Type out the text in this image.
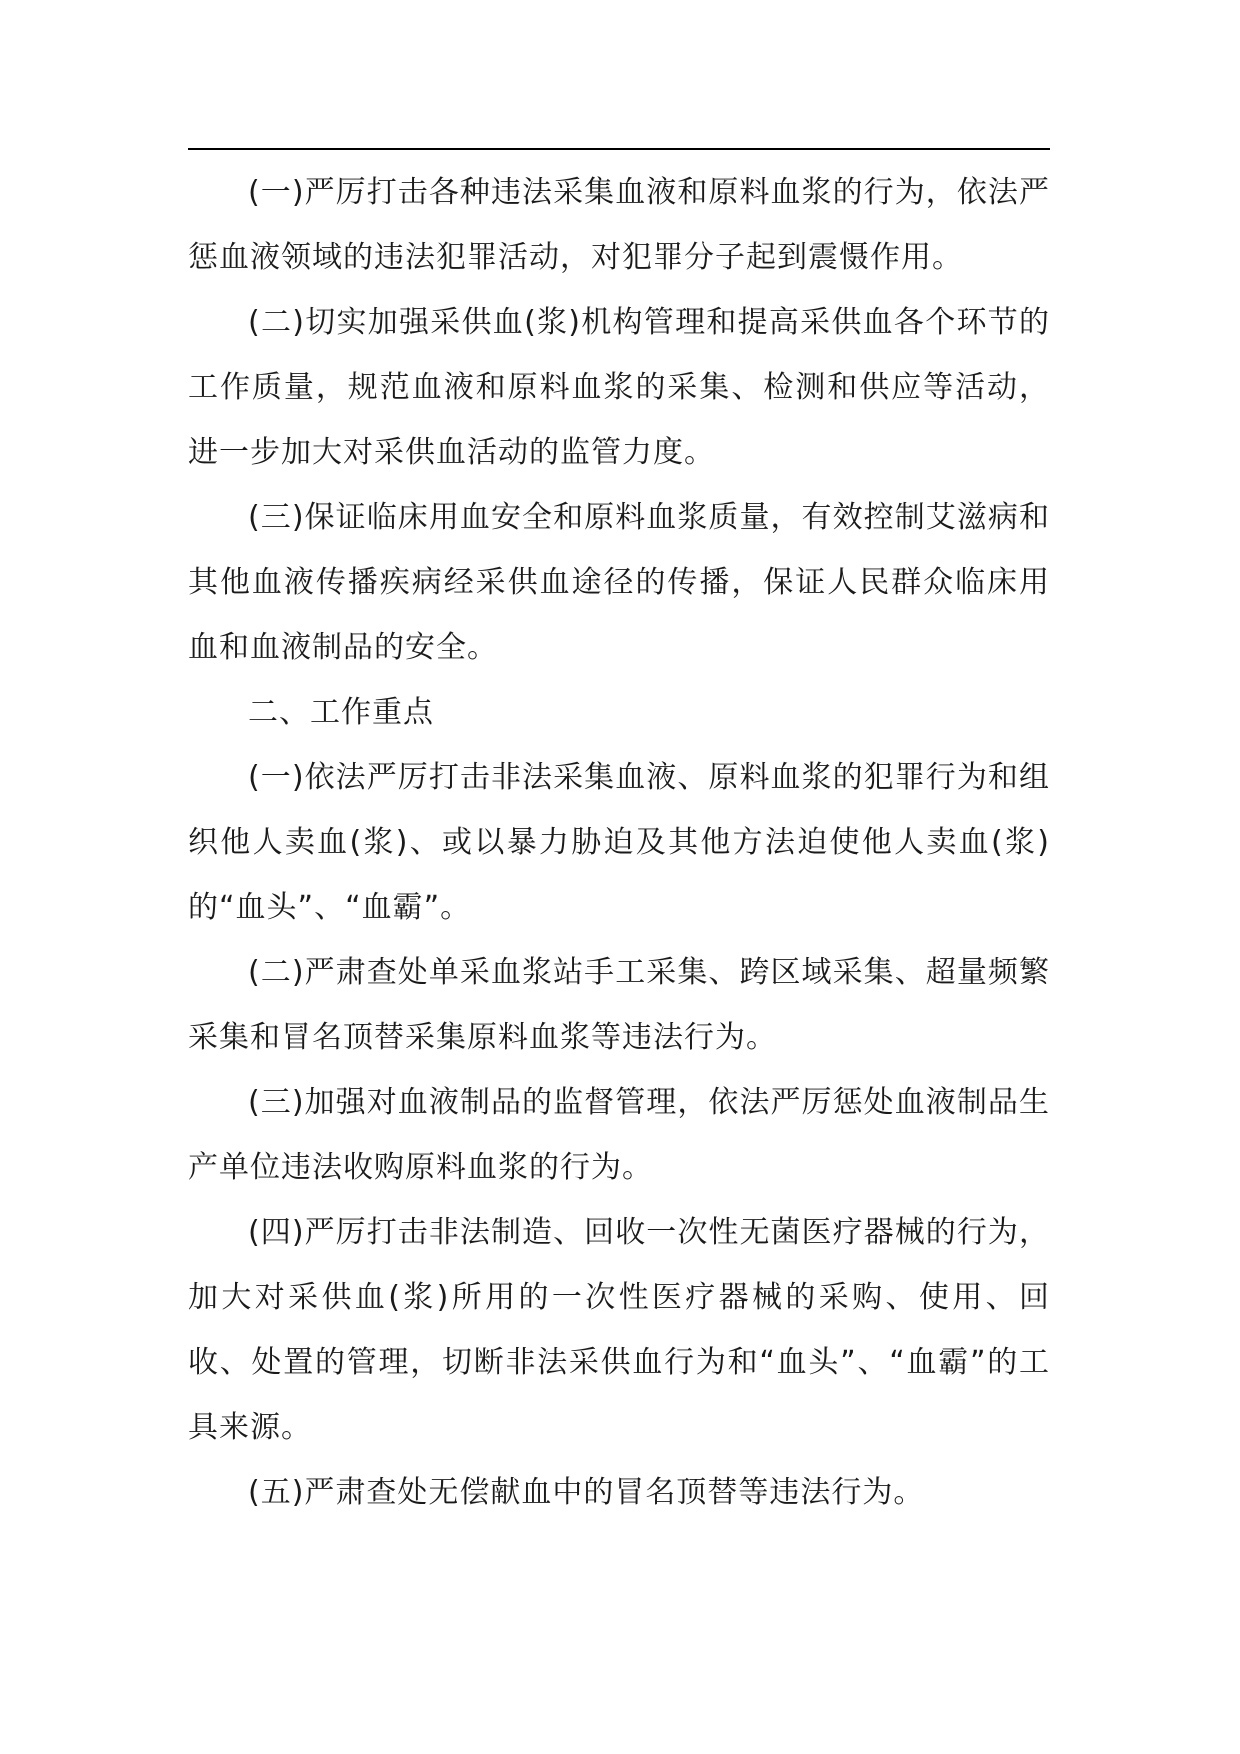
(一)严厉打击各种违法采集血液和原料血浆的行为，依法严惩血液领域的违法犯罪活动，对犯罪分子起到震慑作用。

(二)切实加强采供血(浆)机构管理和提高采供血各个环节的工作质量，规范血液和原料血浆的采集、检测和供应等活动，进一步加大对采供血活动的监管力度。

(三)保证临床用血安全和原料血浆质量，有效控制艾滋病和其他血液传播疾病经采供血途径的传播，保证人民群众临床用血和血液制品的安全。

二、工作重点

(一)依法严厉打击非法采集血液、原料血浆的犯罪行为和组织他人卖血(浆)、或以暴力胁迫及其他方法迫使他人卖血(浆)的“血头”、“血霸”。

(二)严肃查处单采血浆站手工采集、跨区域采集、超量频繁采集和冒名顶替采集原料血浆等违法行为。

(三)加强对血液制品的监督管理，依法严厉惩处血液制品生产单位违法收购原料血浆的行为。

(四)严厉打击非法制造、回收一次性无菌医疗器械的行为，加大对采供血(浆)所用的一次性医疗器械的采购、使用、回收、处置的管理，切断非法采供血行为和“血头”、“血霸”的工具来源。

(五)严肃查处无偿献血中的冒名顶替等违法行为。
